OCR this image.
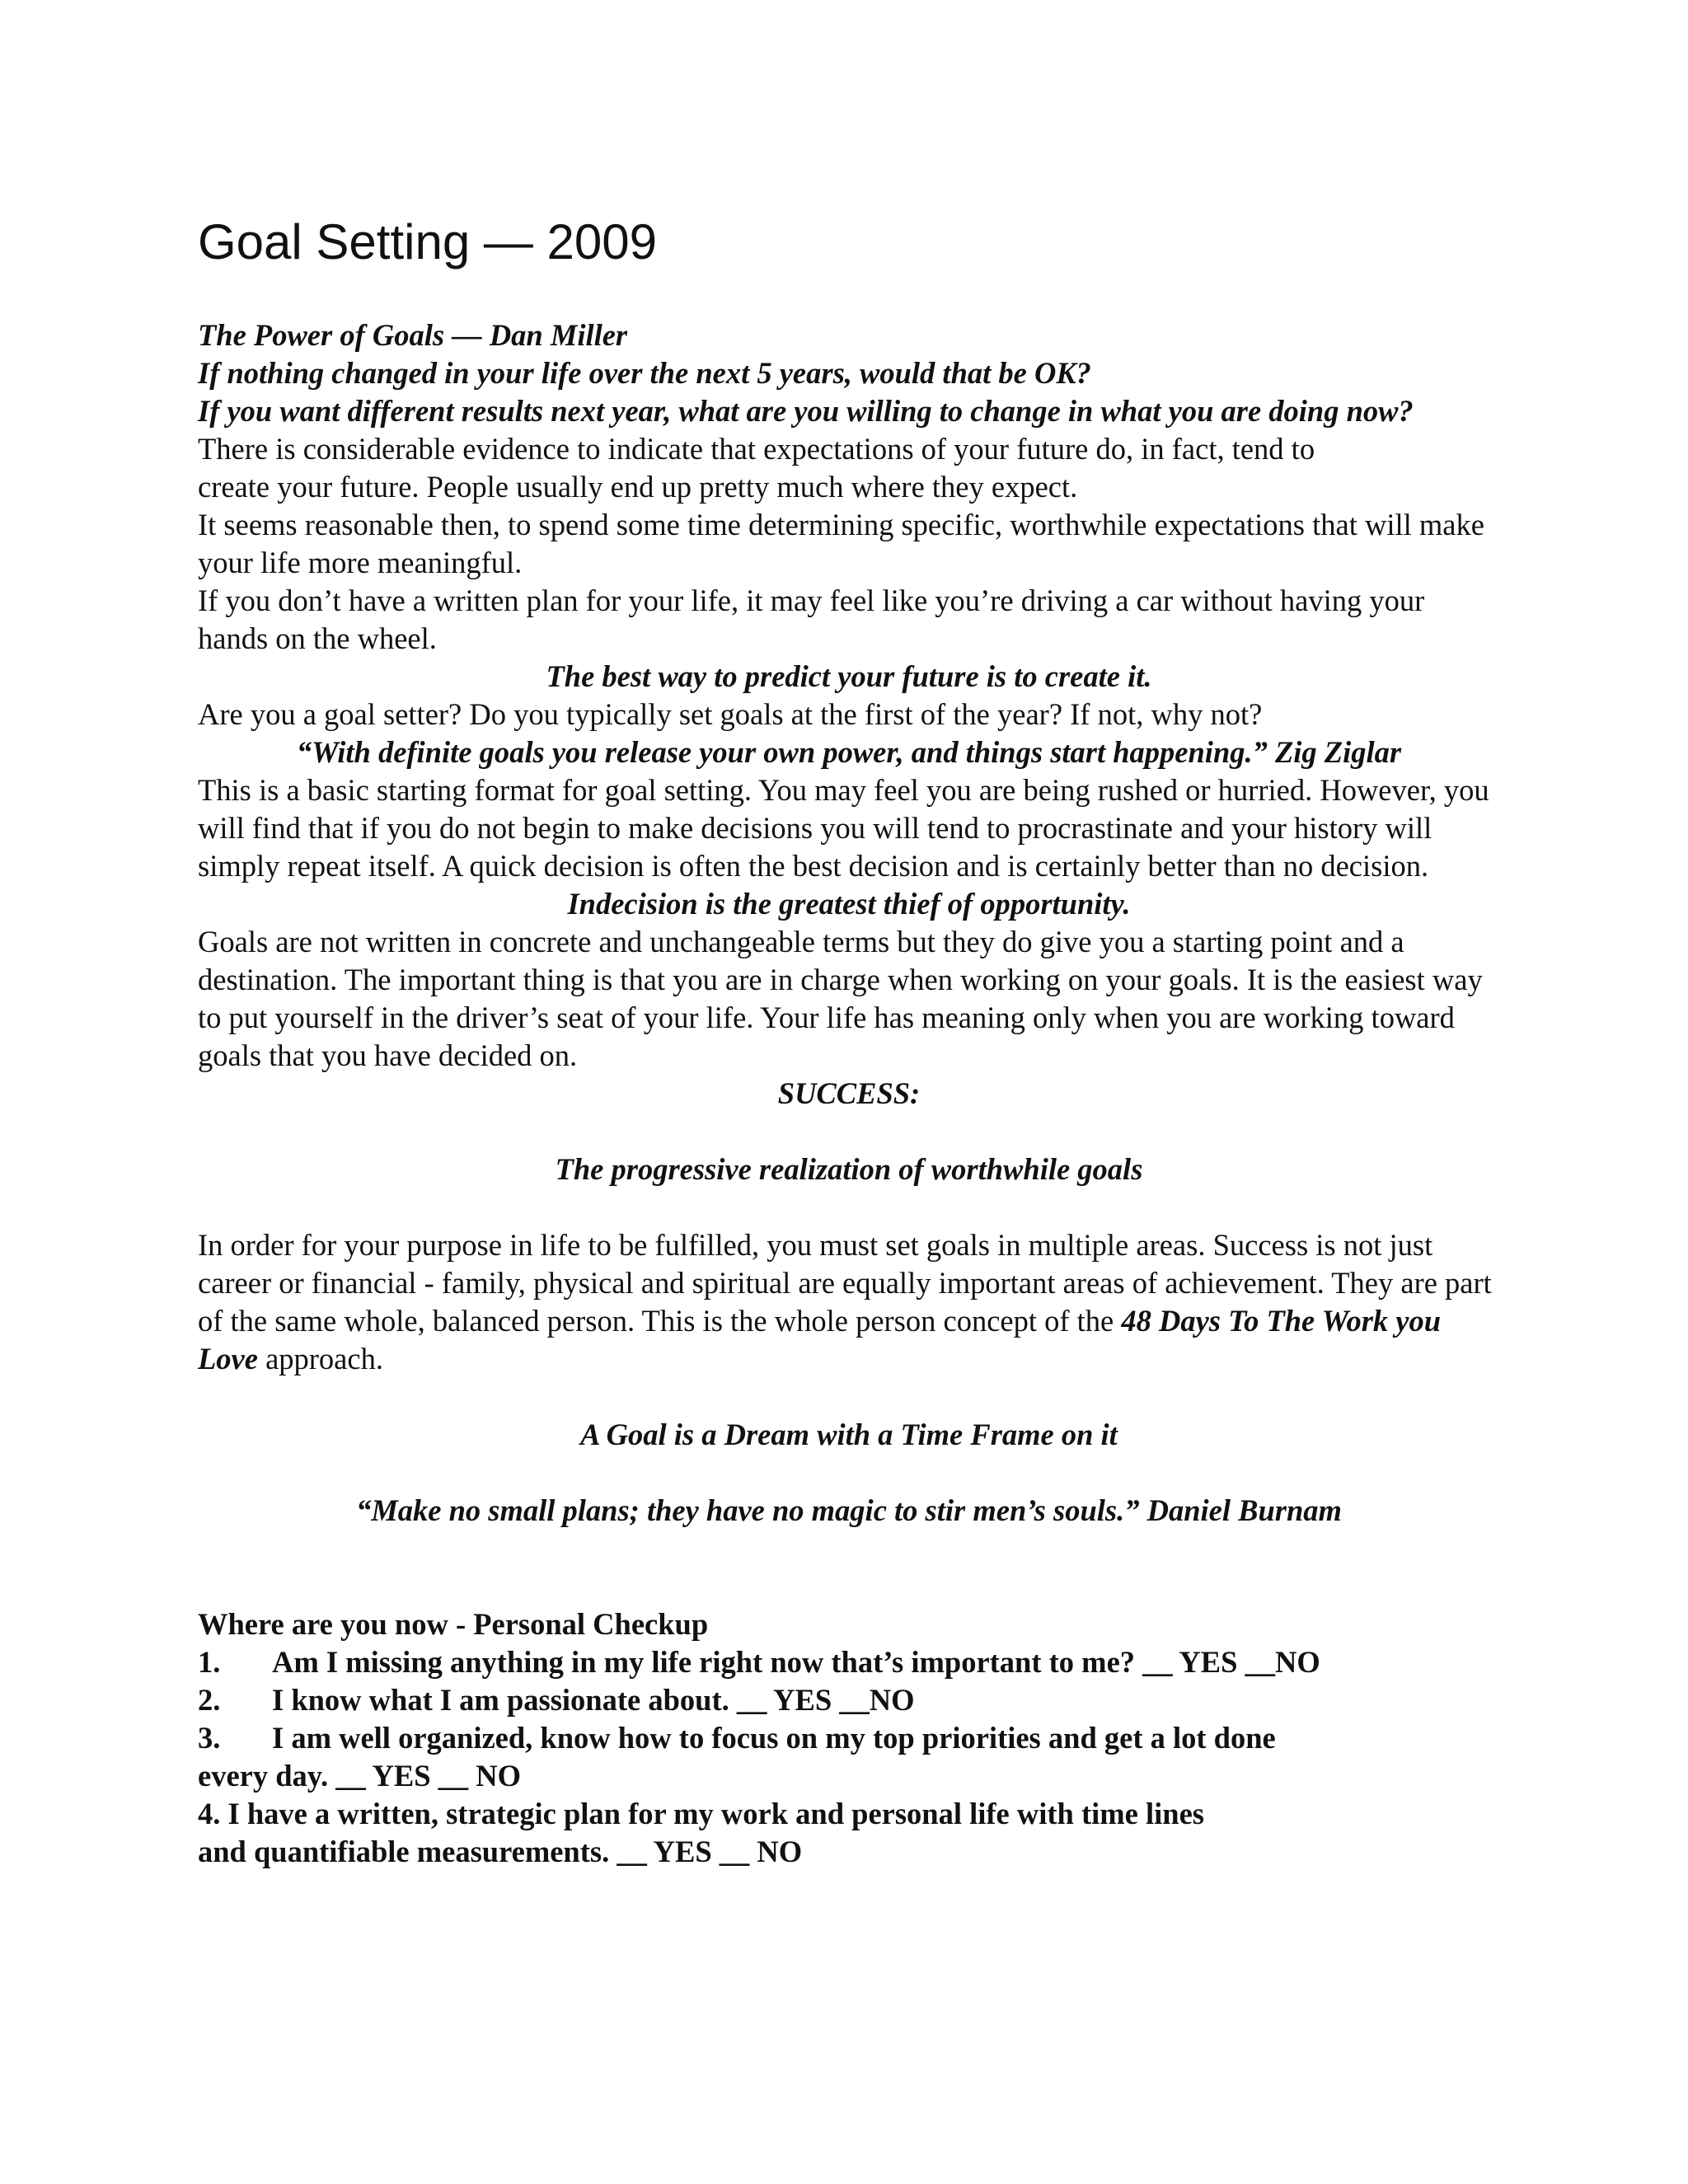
Goal Setting — 2009

The Power of Goals — Dan Miller

If nothing changed in your life over the next 5 years, would that be OK?

If you want different results next year, what are you willing to change in what you are doing now?

There is considerable evidence to indicate that expectations of your future do, in fact, tend to
create your future. People usually end up pretty much where they expect.

It seems reasonable then, to spend some time determining specific, worthwhile expectations that will make your life more meaningful.

If you don’t have a written plan for your life, it may feel like you’re driving a car without having your hands on the wheel.

The best way to predict your future is to create it.

Are you a goal setter? Do you typically set goals at the first of the year? If not, why not?

“With definite goals you release your own power, and things start happening.” Zig Ziglar

This is a basic starting format for goal setting. You may feel you are being rushed or hurried. However, you will find that if you do not begin to make decisions you will tend to procrastinate and your history will simply repeat itself. A quick decision is often the best decision and is certainly better than no decision.

Indecision is the greatest thief of opportunity.

Goals are not written in concrete and unchangeable terms but they do give you a starting point and a destination. The important thing is that you are in charge when working on your goals. It is the easiest way to put yourself in the driver’s seat of your life. Your life has meaning only when you are working toward goals that you have decided on.

SUCCESS:

The progressive realization of worthwhile goals

In order for your purpose in life to be fulfilled, you must set goals in multiple areas. Success is not just career or financial - family, physical and spiritual are equally important areas of achievement. They are part of the same whole, balanced person. This is the whole person concept of the 48 Days To The Work you Love approach.

A Goal is a Dream with a Time Frame on it

“Make no small plans; they have no magic to stir men’s souls.” Daniel Burnam

Where are you now - Personal Checkup

1. Am I missing anything in my life right now that’s important to me? __ YES __NO

2. I know what I am passionate about. __ YES __NO

3. I am well organized, know how to focus on my top priorities and get a lot done
every day. __ YES __ NO

4. I have a written, strategic plan for my work and personal life with time lines
and quantifiable measurements. __ YES __ NO
